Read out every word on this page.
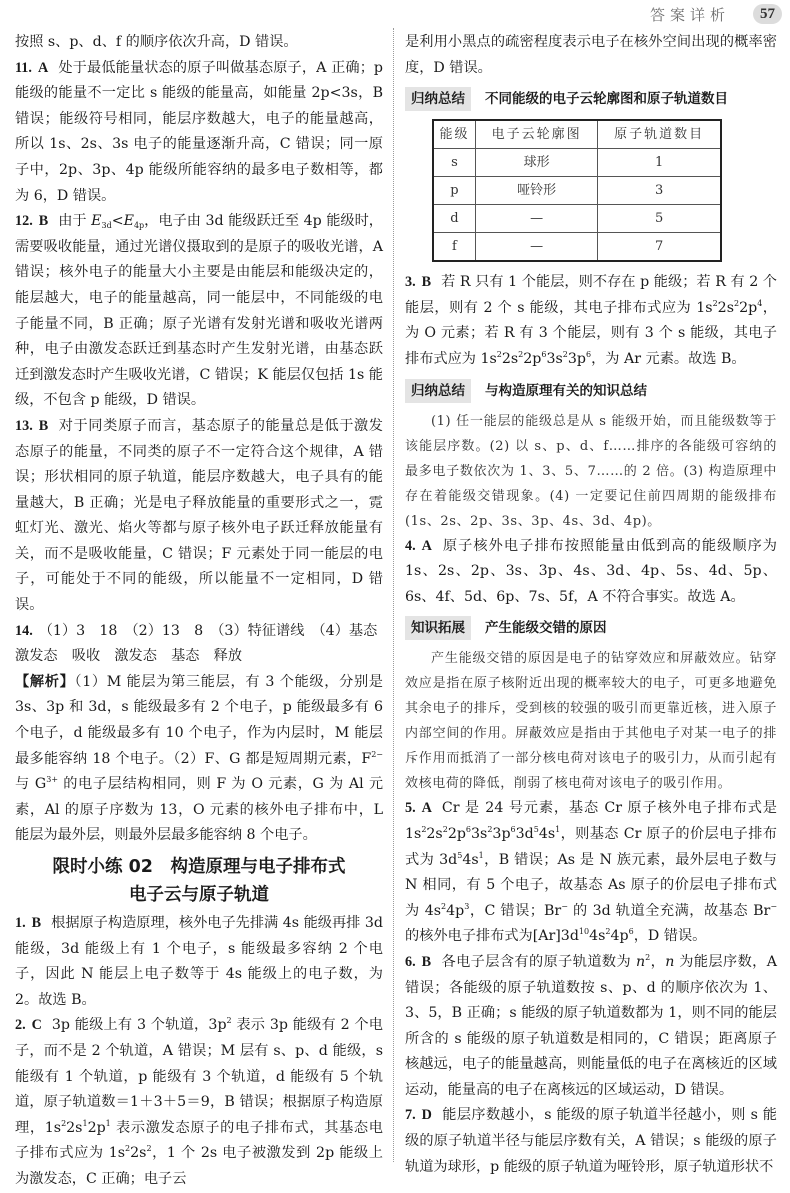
答案详析	57

按照 s、p、d、f 的顺序依次升高，D 错误。

11. A 处于最低能量状态的原子叫做基态原子，A 正确；p 能级的能量不一定比 s 能级的能量高，如能量 2p<3s，B 错误；能级符号相同，能层序数越大，电子的能量越高，所以 1s、2s、3s 电子的能量逐渐升高，C 错误；同一原子中，2p、3p、4p 能级所能容纳的最多电子数相等，都为 6，D 错误。

12. B 由于 $E_{3d}<E_{4p}$，电子由 3d 能级跃迁至 4p 能级时，需要吸收能量，通过光谱仪摄取到的是原子的吸收光谱，A 错误；核外电子的能量大小主要是由能层和能级决定的，能层越大，电子的能量越高，同一能层中，不同能级的电子能量不同，B 正确；原子光谱有发射光谱和吸收光谱两种，电子由激发态跃迁到基态时产生发射光谱，由基态跃迁到激发态时产生吸收光谱，C 错误；K 能层仅包括 1s 能级，不包含 p 能级，D 错误。

13. B 对于同类原子而言，基态原子的能量总是低于激发态原子的能量，不同类的原子不一定符合这个规律，A 错误；形状相同的原子轨道，能层序数越大，电子具有的能量越大，B 正确；光是电子释放能量的重要形式之一，霓虹灯光、激光、焰火等都与原子核外电子跃迁释放能量有关，而不是吸收能量，C 错误；F 元素处于同一能层的电子，可能处于不同的能级，所以能量不一定相同，D 错误。

14. （1）3　18　（2）13　8　（3）特征谱线　（4）基态
激发态　吸收　激发态　基态　释放

【解析】（1）M 能层为第三能层，有 3 个能级，分别是 3s、3p 和 3d，s 能级最多有 2 个电子，p 能级最多有 6 个电子，d 能级最多有 10 个电子，作为内层时，M 能层最多能容纳 18 个电子。（2）F、G 都是短周期元素，$F^{2-}$ 与 $G^{3+}$ 的电子层结构相同，则 F 为 O 元素，G 为 Al 元素，Al 的原子序数为 13，O 元素的核外电子排布中，L 能层为最外层，则最外层最多能容纳 8 个电子。

限时小练 02　构造原理与电子排布式
电子云与原子轨道

1. B 根据原子构造原理，核外电子先排满 4s 能级再排 3d 能级，3d 能级上有 1 个电子，s 能级最多容纳 2 个电子，因此 N 能层上电子数等于 4s 能级上的电子数，为 2。故选 B。

2. C 3p 能级上有 3 个轨道，$3p^2$ 表示 3p 能级有 2 个电子，而不是 2 个轨道，A 错误；M 层有 s、p、d 能级，s 能级有 1 个轨道，p 能级有 3 个轨道，d 能级有 5 个轨道，原子轨道数＝1＋3＋5＝9，B 错误；根据原子构造原理，$1s^22s^12p^1$ 表示激发态原子的电子排布式，其基态电子排布式应为 $1s^22s^2$，1 个 2s 电子被激发到 2p 能级上为激发态，C 正确；电子云

是利用小黑点的疏密程度表示电子在核外空间出现的概率密度，D 错误。

归纳总结 不同能级的电子云轮廓图和原子轨道数目
能级	电子云轮廓图	原子轨道数目
s	球形	1
p	哑铃形	3
d	—	5
f	—	7

3. B 若 R 只有 1 个能层，则不存在 p 能级；若 R 有 2 个能层，则有 2 个 s 能级，其电子排布式应为 $1s^22s^22p^4$，为 O 元素；若 R 有 3 个能层，则有 3 个 s 能级，其电子排布式应为 $1s^22s^22p^63s^23p^6$，为 Ar 元素。故选 B。

归纳总结 与构造原理有关的知识总结

(1) 任一能层的能级总是从 s 能级开始，而且能级数等于该能层序数。(2) 以 s、p、d、f……排序的各能级可容纳的最多电子数依次为 1、3、5、7……的 2 倍。(3) 构造原理中存在着能级交错现象。(4) 一定要记住前四周期的能级排布(1s、2s、2p、3s、3p、4s、3d、4p)。

4. A 原子核外电子排布按照能量由低到高的能级顺序为 1s、2s、2p、3s、3p、4s、3d、4p、5s、4d、5p、6s、4f、5d、6p、7s、5f，A 不符合事实。故选 A。

知识拓展 产生能级交错的原因

产生能级交错的原因是电子的钻穿效应和屏蔽效应。钻穿效应是指在原子核附近出现的概率较大的电子，可更多地避免其余电子的排斥，受到核的较强的吸引而更靠近核，进入原子内部空间的作用。屏蔽效应是指由于其他电子对某一电子的排斥作用而抵消了一部分核电荷对该电子的吸引力，从而引起有效核电荷的降低，削弱了核电荷对该电子的吸引作用。

5. A Cr 是 24 号元素，基态 Cr 原子核外电子排布式是 $1s^22s^22p^63s^23p^63d^54s^1$，则基态 Cr 原子的价层电子排布式为 $3d^54s^1$，B 错误；As 是 N 族元素，最外层电子数与 N 相同，有 5 个电子，故基态 As 原子的价层电子排布式为 $4s^24p^3$，C 错误；Br− 的 3d 轨道全充满，故基态 Br− 的核外电子排布式为$[Ar]3d^{10}4s^24p^6$，D 错误。

6. B 各电子层含有的原子轨道数为 $n^2$，n 为能层序数，A 错误；各能级的原子轨道数按 s、p、d 的顺序依次为 1、3、5，B 正确；s 能级的原子轨道数都为 1，则不同的能层所含的 s 能级的原子轨道数是相同的，C 错误；距离原子核越远，电子的能量越高，则能量低的电子在离核近的区域运动，能量高的电子在离核远的区域运动，D 错误。

7. D 能层序数越小，s 能级的原子轨道半径越小，则 s 能级的原子轨道半径与能层序数有关，A 错误；s 能级的原子轨道为球形，p 能级的原子轨道为哑铃形，原子轨道形状不
